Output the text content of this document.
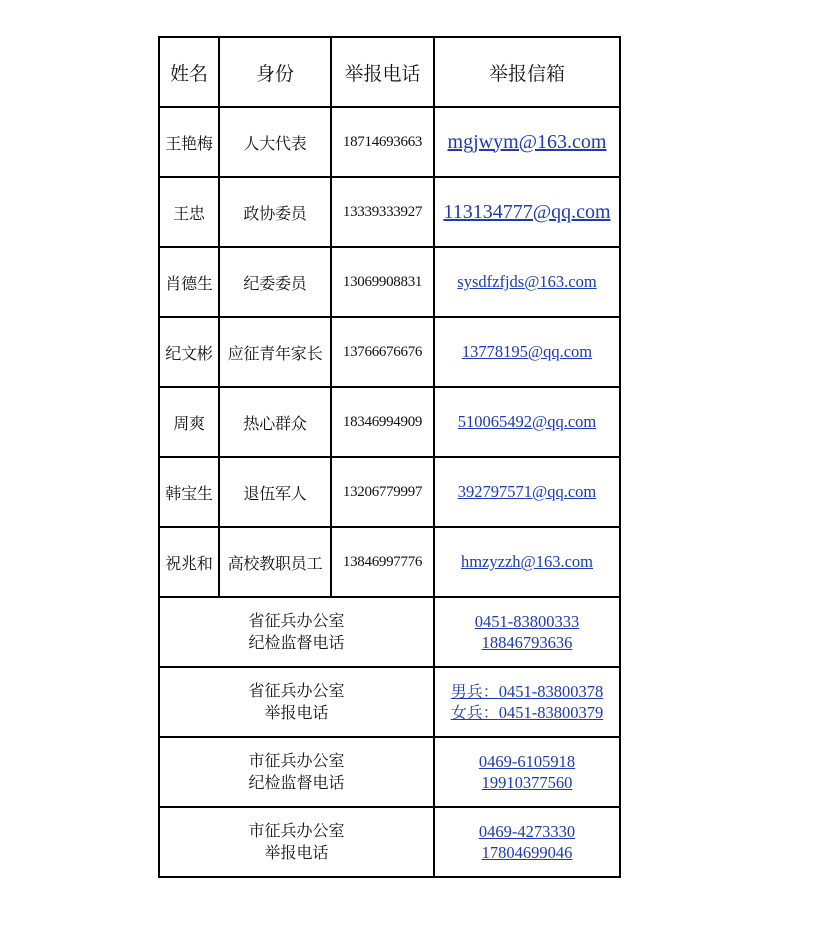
姓名	身份	举报电话	举报信箱
王艳梅	人大代表	18714693663	mgjwym@163.com
王忠	政协委员	13339333927	113134777@qq.com
肖德生	纪委委员	13069908831	sysdfzfjds@163.com
纪文彬	应征青年家长	13766676676	13778195@qq.com
周爽	热心群众	18346994909	510065492@qq.com
韩宝生	退伍军人	13206779997	392797571@qq.com
祝兆和	高校教职员工	13846997776	hmzyzzh@163.com

省征兵办公室
纪检监督电话			0451-83800333
18846793636

省征兵办公室
举报电话			男兵：0451-83800378
女兵：0451-83800379

市征兵办公室
纪检监督电话			0469-6105918
19910377560

市征兵办公室
举报电话			0469-4273330
17804699046
